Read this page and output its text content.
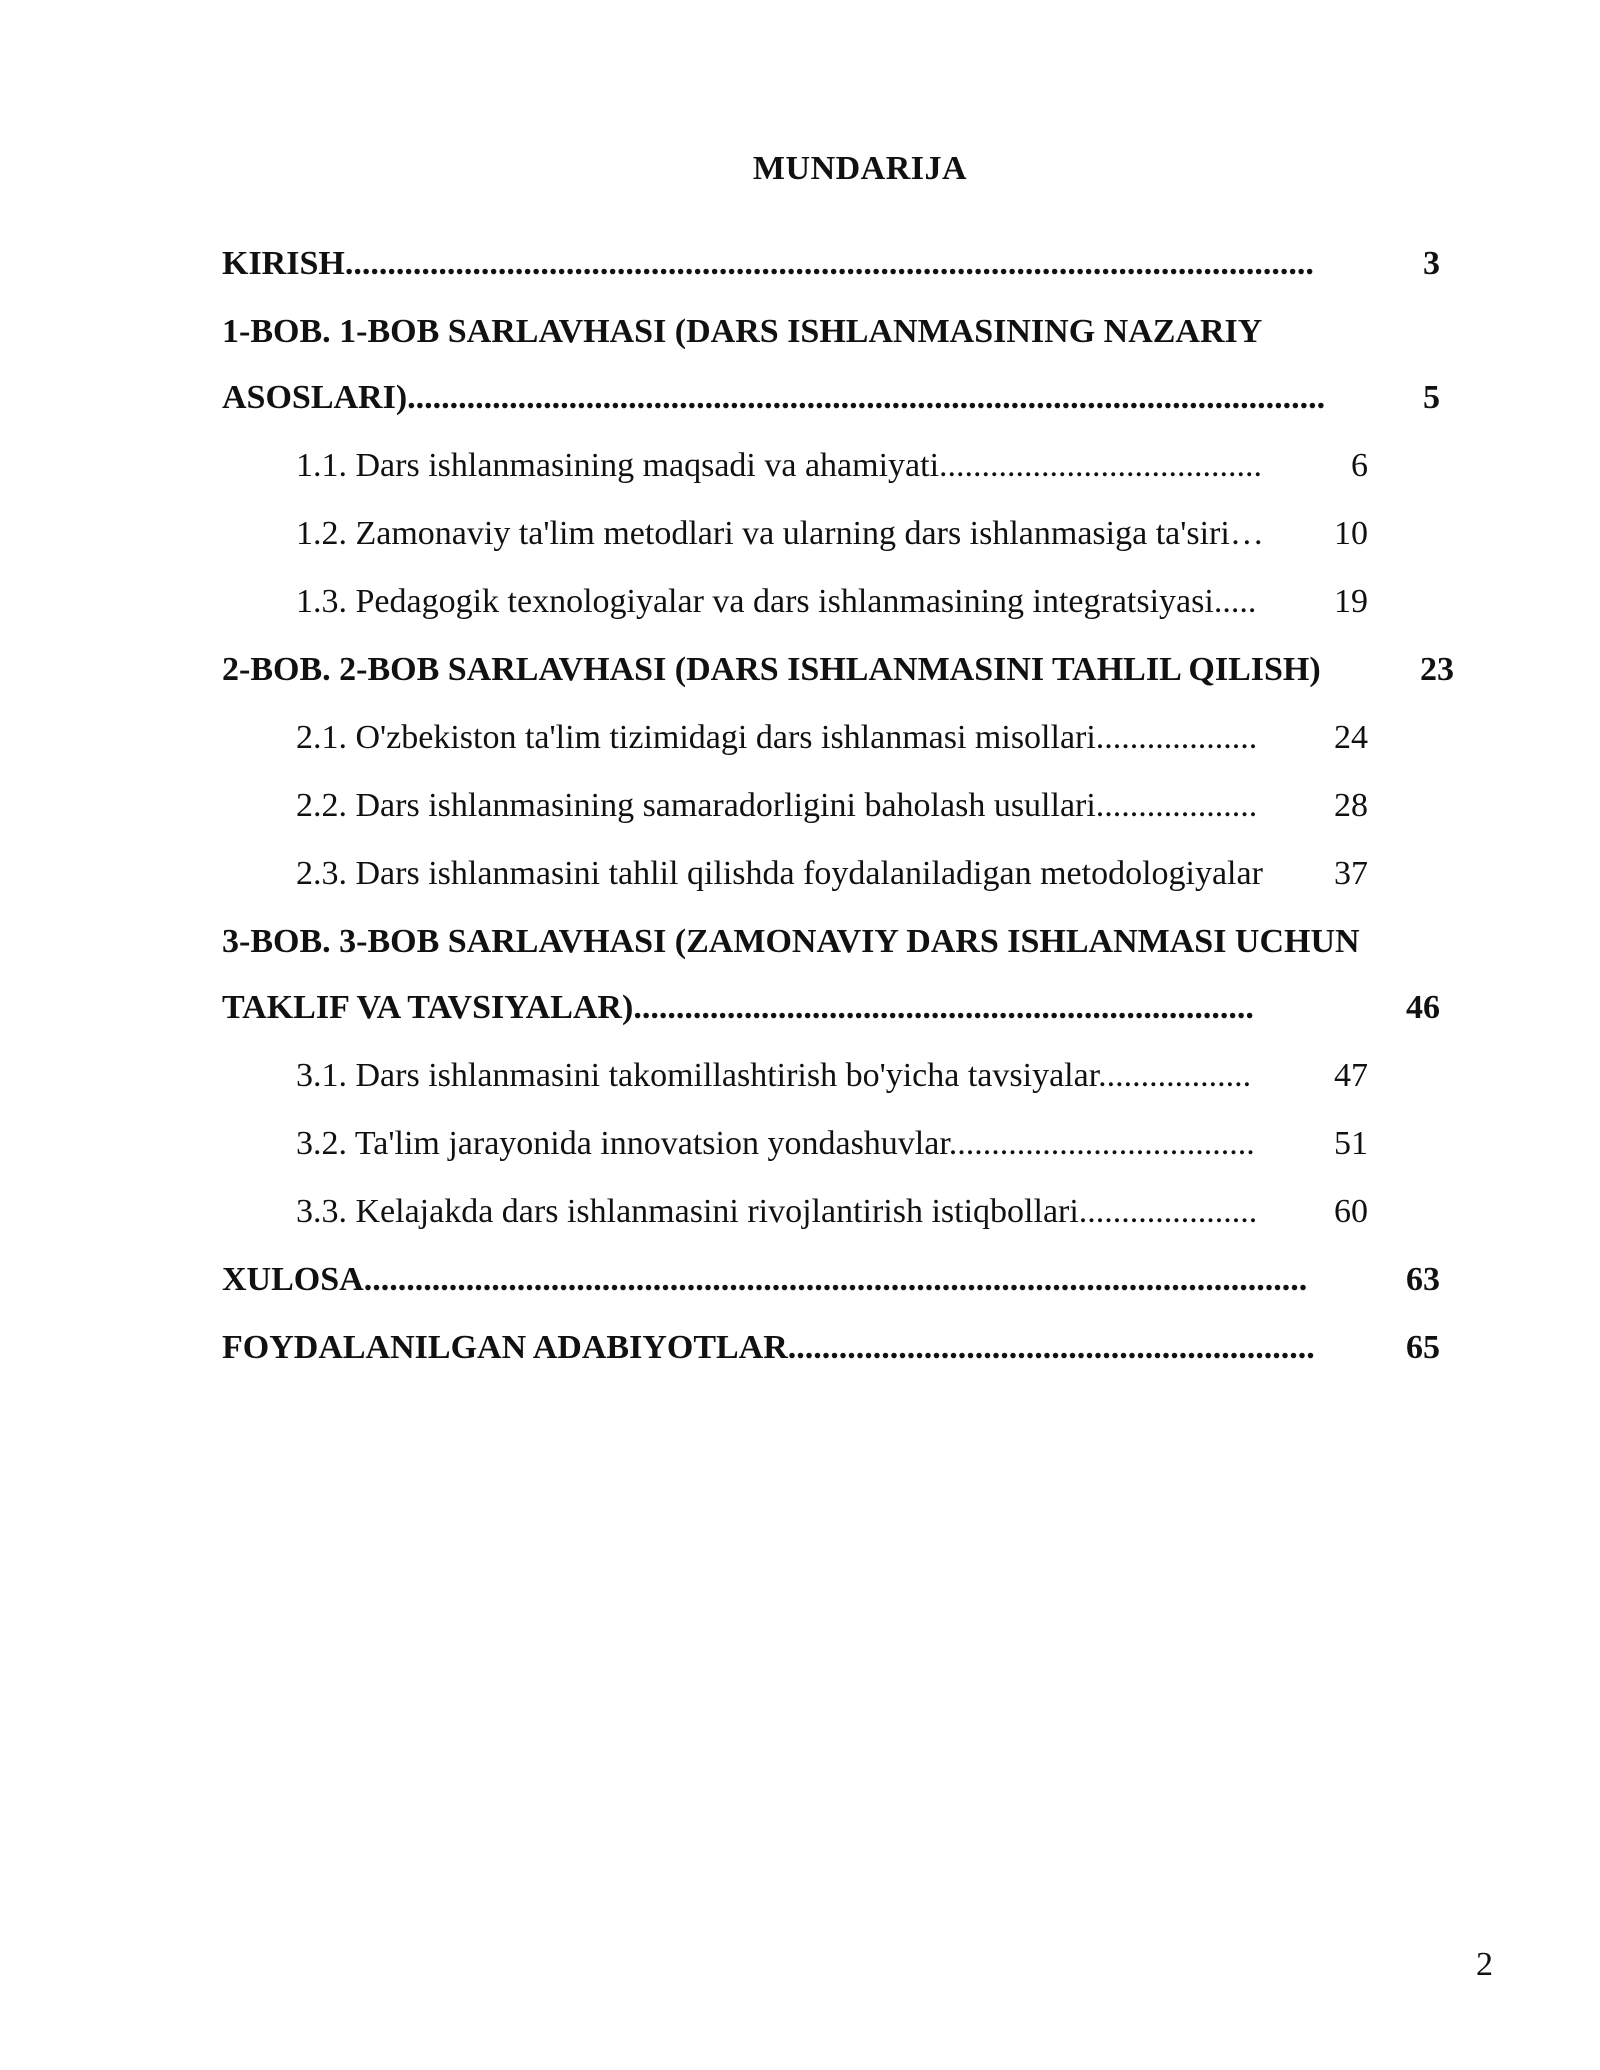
MUNDARIJA
KIRISH..................................................................................................................	3
1-BOB. 1-BOB SARLAVHASI (DARS ISHLANMASINING NAZARIY
ASOSLARI)............................................................................................................	5
1.1. Dars ishlanmasining maqsadi va ahamiyati......................................	6
1.2. Zamonaviy ta'lim metodlari va ularning dars ishlanmasiga ta'siri… 10
1.3. Pedagogik texnologiyalar va dars ishlanmasining integratsiyasi..... 19
2-BOB. 2-BOB SARLAVHASI (DARS ISHLANMASINI TAHLIL QILISH)	23
2.1. O'zbekiston ta'lim tizimidagi dars ishlanmasi misollari................... 24
2.2. Dars ishlanmasining samaradorligini baholash usullari................... 28
2.3. Dars ishlanmasini tahlil qilishda foydalaniladigan metodologiyalar 37
3-BOB. 3-BOB SARLAVHASI (ZAMONAVIY DARS ISHLANMASI UCHUN
TAKLIF VA TAVSIYALAR).........................................................................	46
3.1. Dars ishlanmasini takomillashtirish bo'yicha tavsiyalar.................. 47
3.2. Ta'lim jarayonida innovatsion yondashuvlar.................................... 51
3.3. Kelajakda dars ishlanmasini rivojlantirish istiqbollari..................... 60
XULOSA...............................................................................................................	63
FOYDALANILGAN ADABIYOTLAR..............................................................	65
2
